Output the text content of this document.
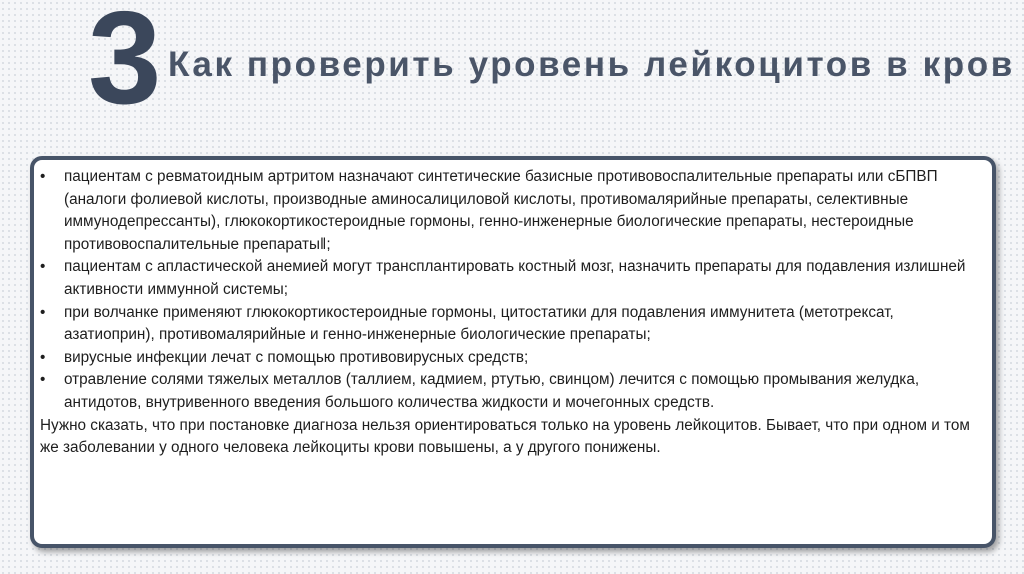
3 Как проверить уровень лейкоцитов в кров
• пациентам с ревматоидным артритом назначают синтетические базисные противовоспалительные препараты или сБПВП (аналоги фолиевой кислоты, производные аминосалициловой кислоты, противомалярийные препараты, селективные иммунодепрессанты), глюкокортикостероидные гормоны, генно-инженерные биологические препараты, нестероидные противовоспалительные препаратыǁ;
• пациентам с апластической анемией могут трансплантировать костный мозг, назначить препараты для подавления излишней активности иммунной системы;
• при волчанке применяют глюкокортикостероидные гормоны, цитостатики для подавления иммунитета (метотрексат, азатиоприн), противомалярийные и генно-инженерные биологические препараты;
• вирусные инфекции лечат с помощью противовирусных средств;
• отравление солями тяжелых металлов (таллием, кадмием, ртутью, свинцом) лечится с помощью промывания желудка, антидотов, внутривенного введения большого количества жидкости и мочегонных средств.

Нужно сказать, что при постановке диагноза нельзя ориентироваться только на уровень лейкоцитов. Бывает, что при одном и том же заболевании у одного человека лейкоциты крови повышены, а у другого понижены.
